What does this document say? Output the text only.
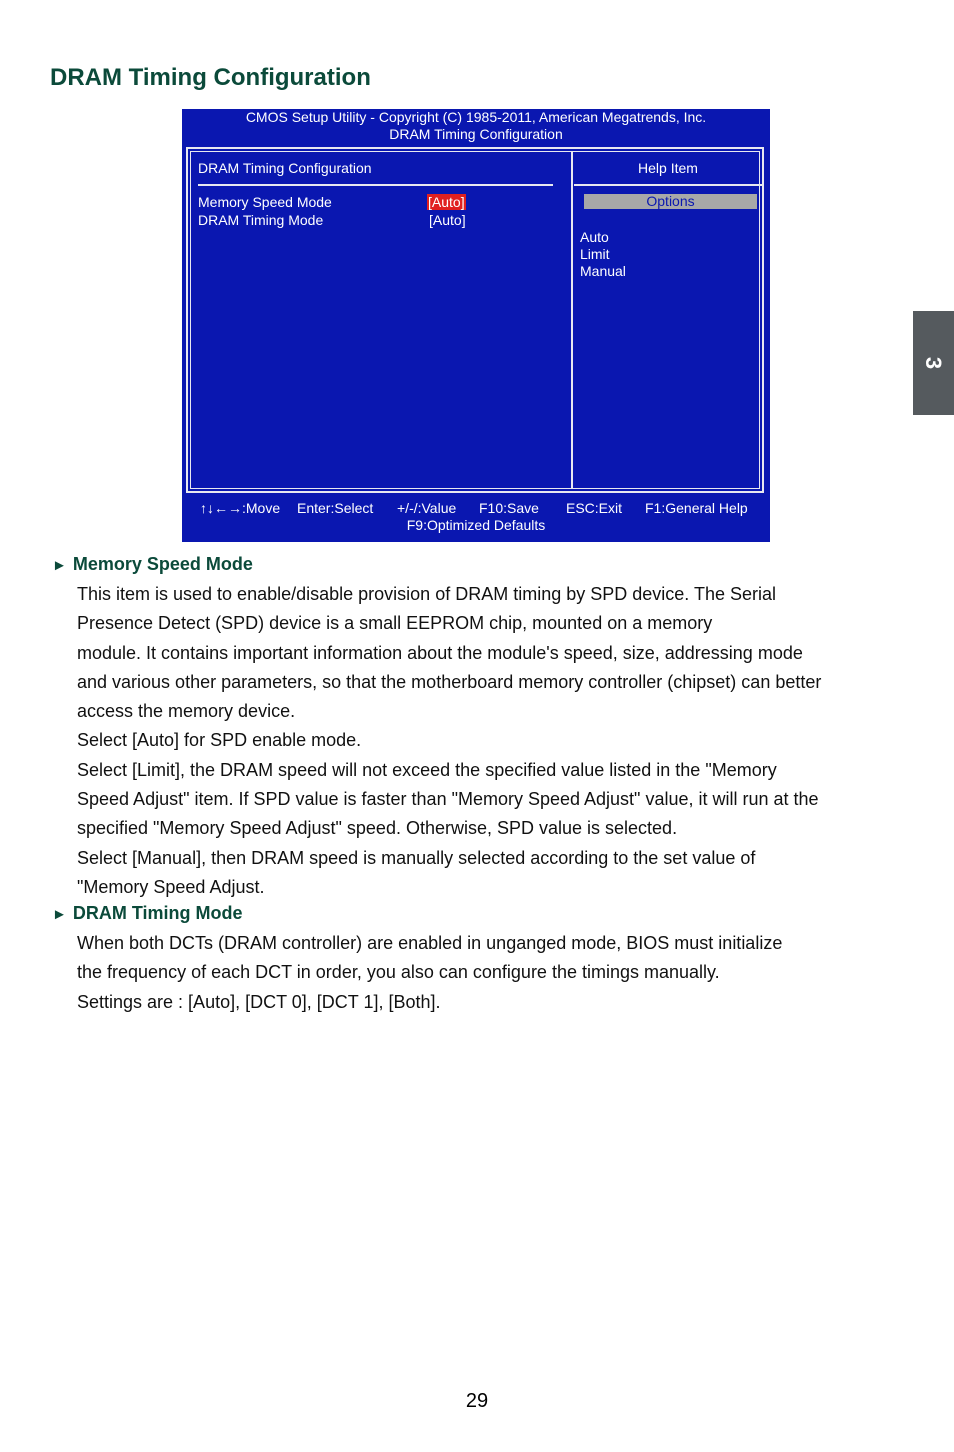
DRAM Timing Configuration
3
CMOS Setup Utility - Copyright (C) 1985-2011, American Megatrends, Inc.
DRAM Timing Configuration
DRAM Timing Configuration
Memory Speed Mode	[Auto]
DRAM Timing Mode	[Auto]
Help Item
Options
Auto
Limit
Manual
↑↓←→:Move Enter:Select +/-/:Value F10:Save ESC:Exit F1:General Help
F9:Optimized Defaults
► Memory Speed Mode

This item is used to enable/disable provision of DRAM timing by SPD device. The Serial

Presence Detect (SPD) device is a small EEPROM chip, mounted on a memory

module. It contains important information about the module's speed, size, addressing mode

and various other parameters, so that the motherboard memory controller (chipset) can better

access the memory device.

Select [Auto] for SPD enable mode.

Select [Limit], the DRAM speed will not exceed the specified value listed in the "Memory

Speed Adjust" item. If SPD value is faster than "Memory Speed Adjust" value, it will run at the

specified "Memory Speed Adjust" speed. Otherwise, SPD value is selected.

Select [Manual], then DRAM speed is manually selected according to the set value of

"Memory Speed Adjust.

► DRAM Timing Mode

When both DCTs (DRAM controller) are enabled in unganged mode, BIOS must initialize

the frequency of each DCT in order, you also can configure the timings manually.

Settings are : [Auto], [DCT 0], [DCT 1], [Both].

29
